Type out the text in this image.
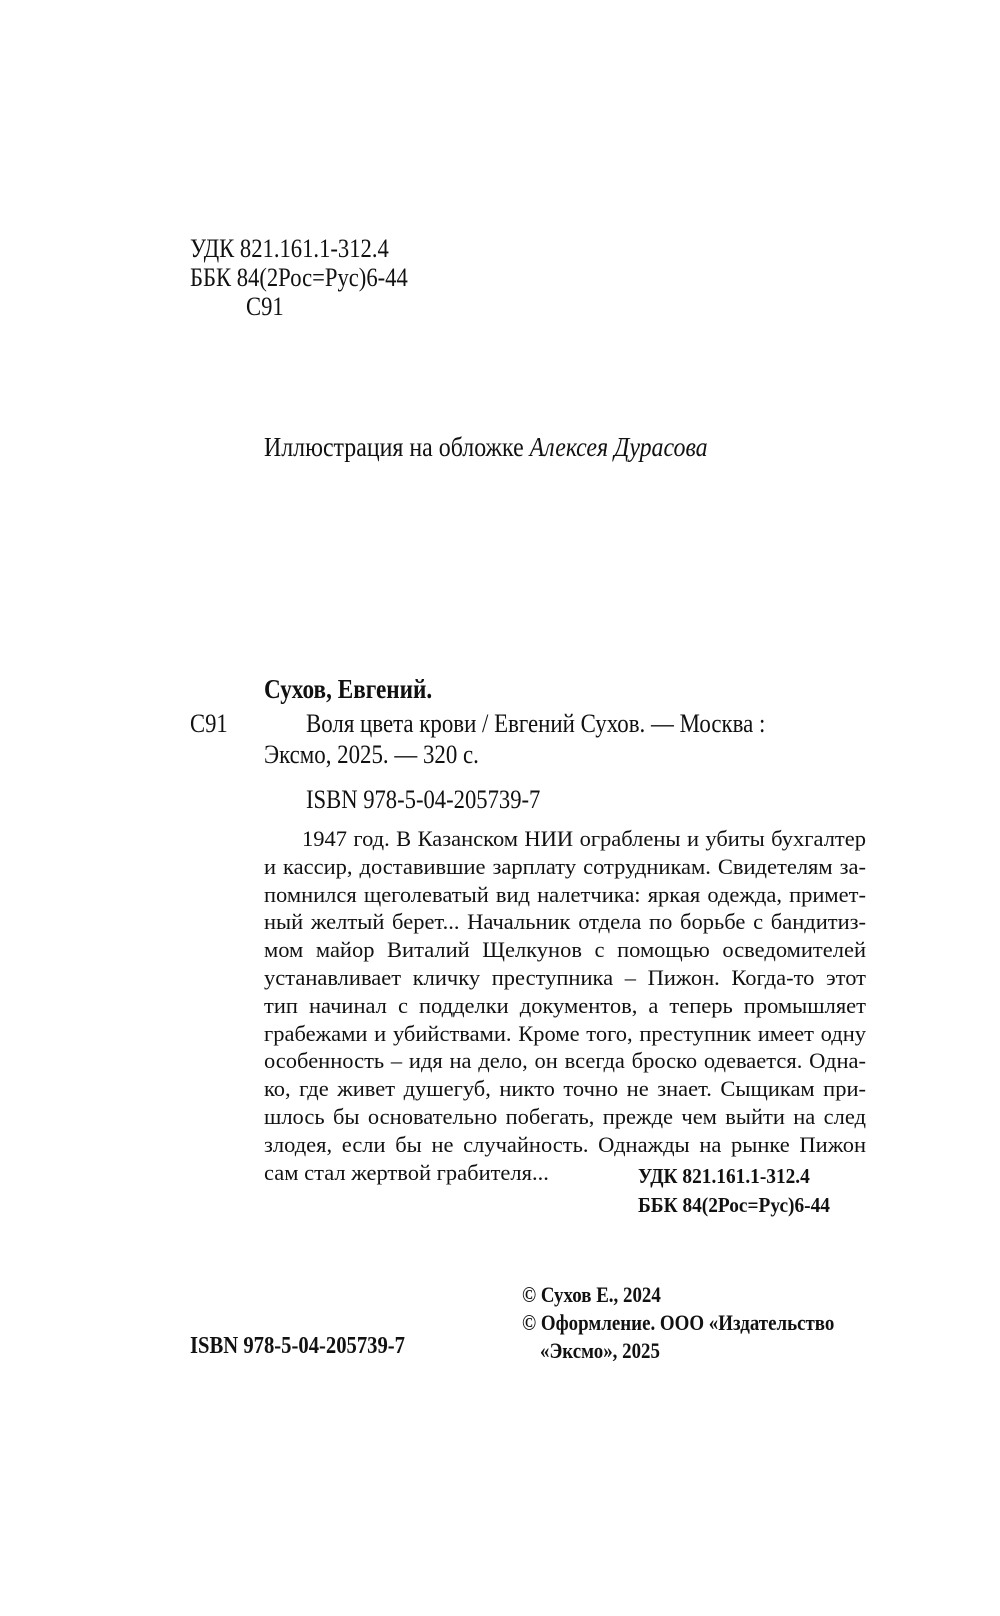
УДК 821.161.1-312.4
ББК 84(2Рос=Рус)6-44
С91
Иллюстрация на обложке Алексея Дурасова
Сухов, Евгений.
С91	Воля цвета крови / Евгений Сухов. — Москва :
Эксмо, 2025. — 320 с.
ISBN 978-5-04-205739-7
1947 год. В Казанском НИИ ограблены и убиты бухгалтер
и кассир, доставившие зарплату сотрудникам. Свидетелям за-
помнился щеголеватый вид налетчика: яркая одежда, примет-
ный желтый берет... Начальник отдела по борьбе с бандитиз-
мом майор Виталий Щелкунов с помощью осведомителей
устанавливает кличку преступника – Пижон. Когда-то этот
тип начинал с подделки документов, а теперь промышляет
грабежами и убийствами. Кроме того, преступник имеет одну
особенность – идя на дело, он всегда броско одевается. Одна-
ко, где живет душегуб, никто точно не знает. Сыщикам при-
шлось бы основательно побегать, прежде чем выйти на след
злодея, если бы не случайность. Однажды на рынке Пижон
сам стал жертвой грабителя...	УДК 821.161.1-312.4
ББК 84(2Рос=Рус)6-44
ISBN 978-5-04-205739-7
© Сухов Е., 2024
© Оформление. ООО «Издательство
«Эксмо», 2025
